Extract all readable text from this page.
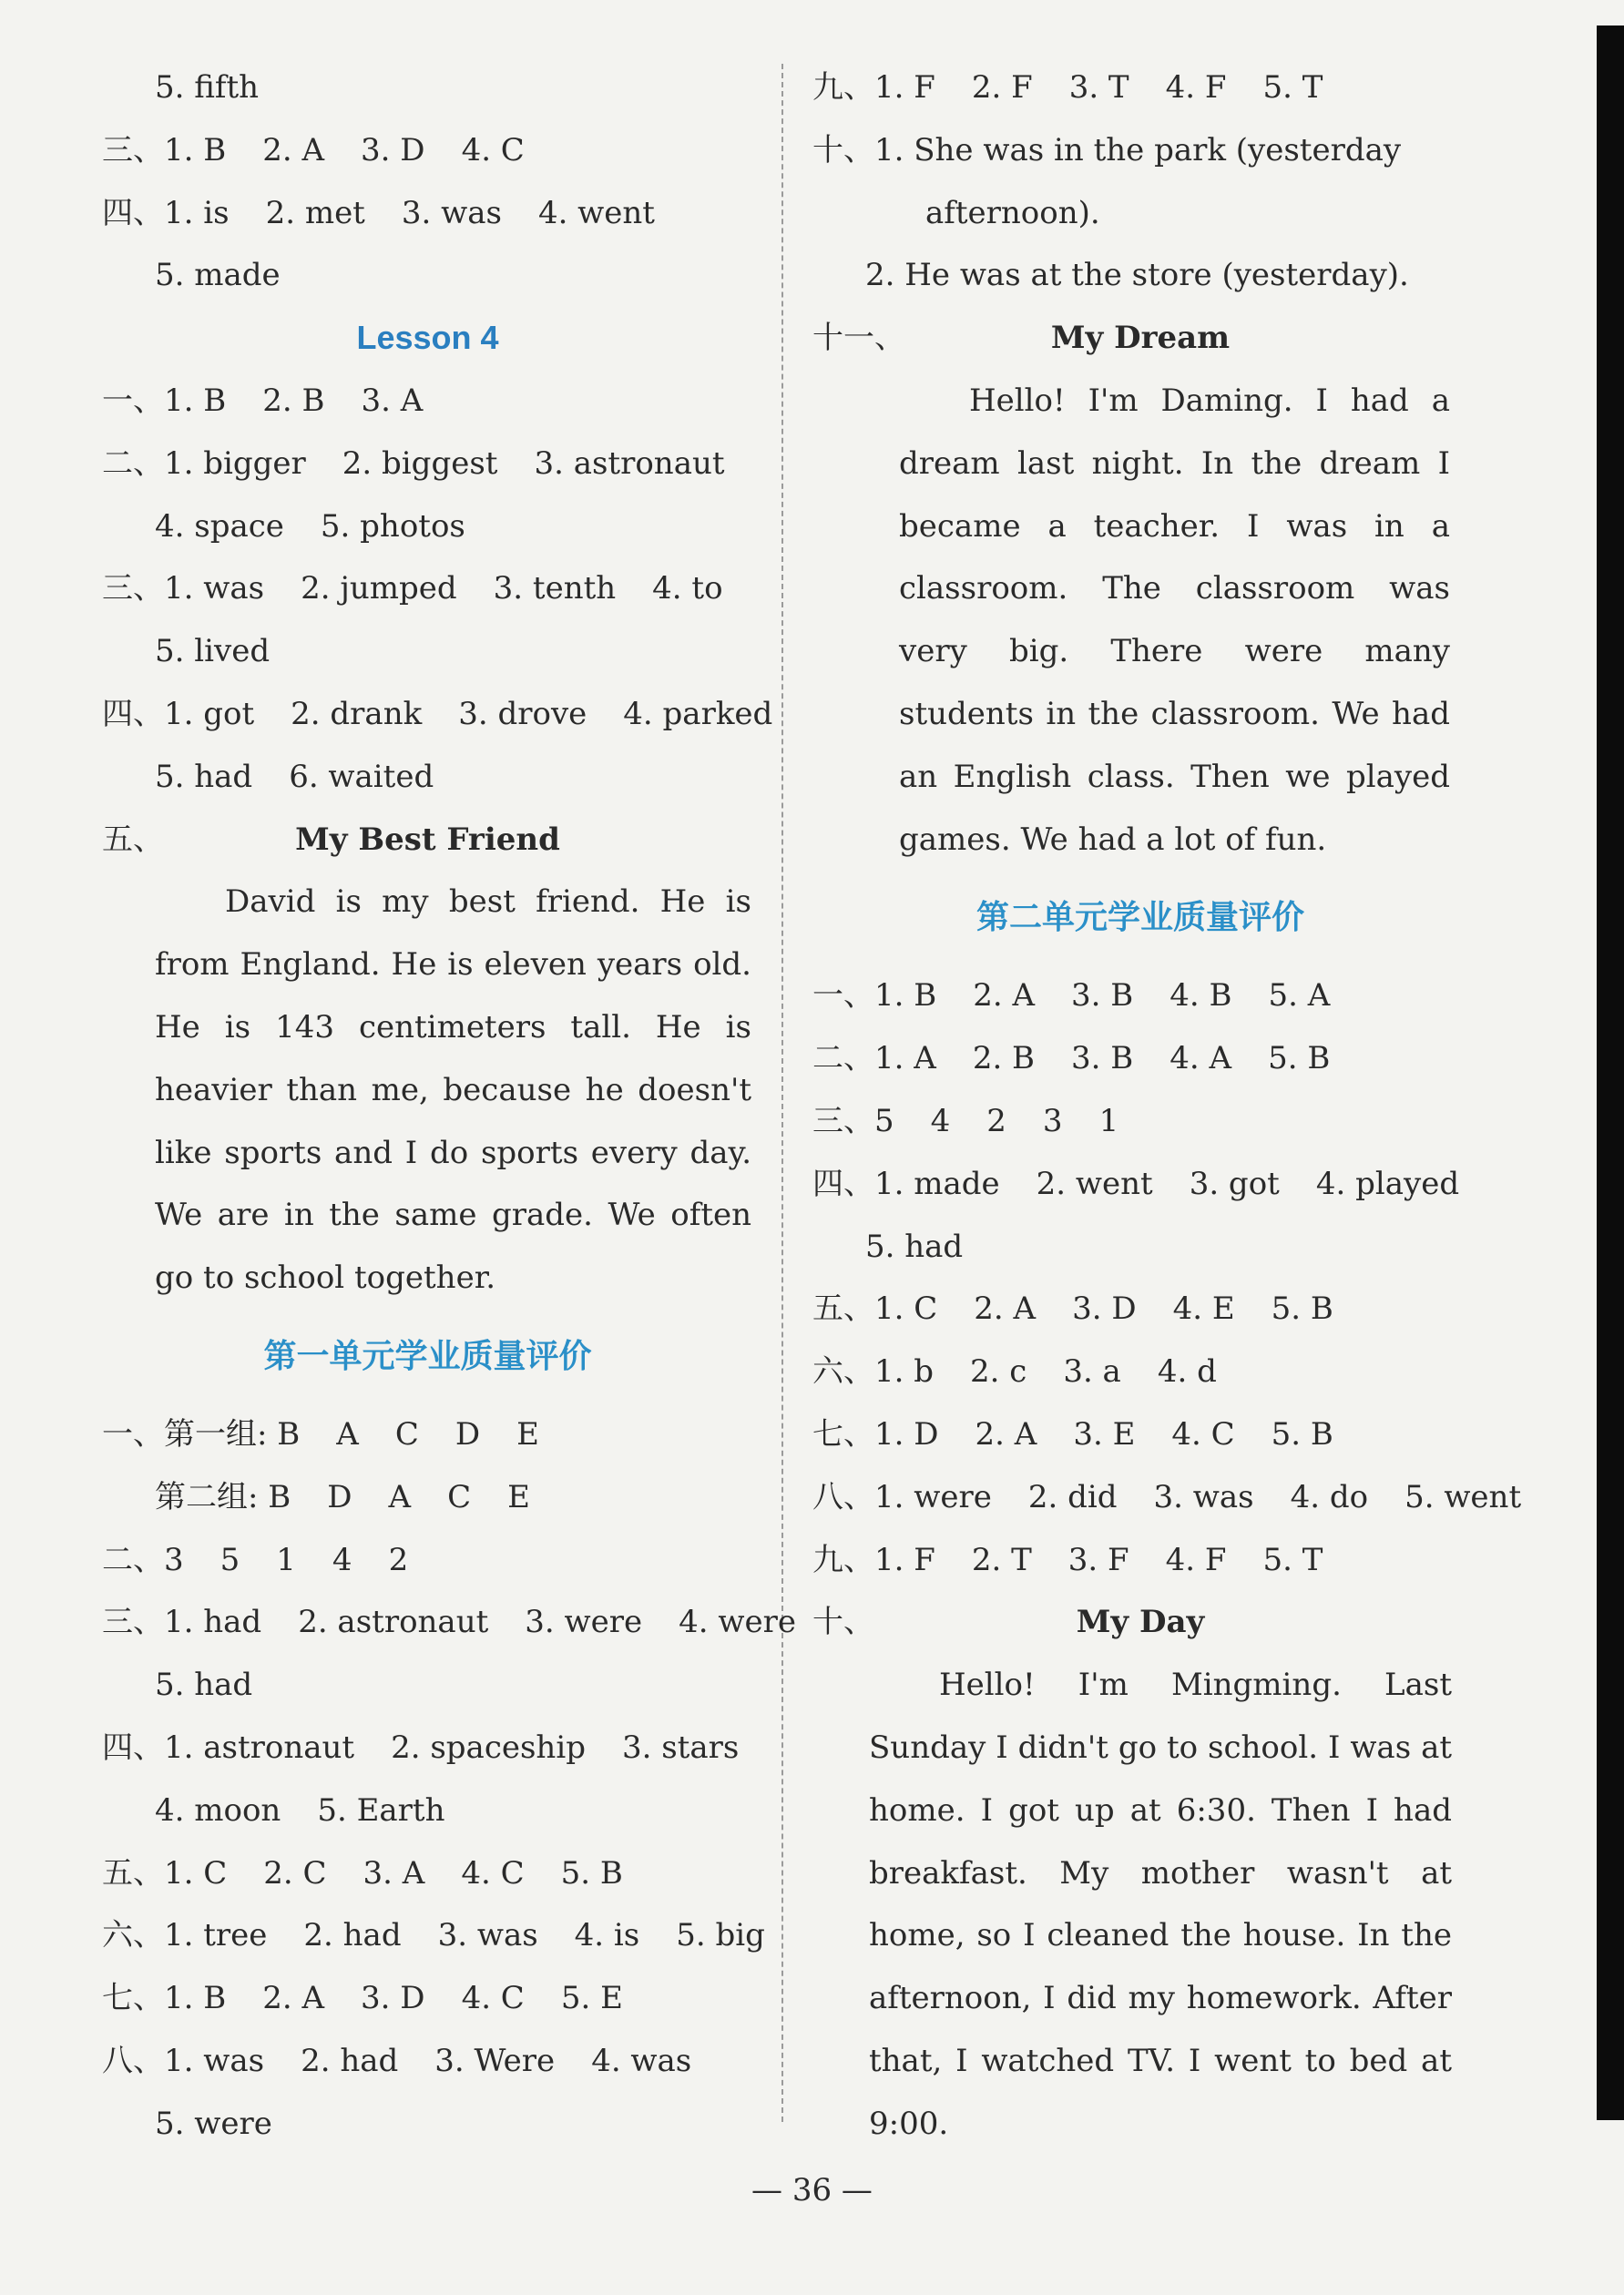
5. fifth
三、1. B 2. A 3. D 4. C
四、1. is 2. met 3. was 4. went
5. made
Lesson 4
一、1. B 2. B 3. A
二、1. bigger 2. biggest 3. astronaut
4. space 5. photos
三、1. was 2. jumped 3. tenth 4. to
5. lived
四、1. got 2. drank 3. drove 4. parked
5. had 6. waited
五、	My Best Friend
David is my best friend. He is from England. He is eleven years old. He is 143 centimeters tall. He is heavier than me, because he doesn't like sports and I do sports every day. We are in the same grade. We often go to school together.
第一单元学业质量评价
一、第一组: B A C D E
第二组: B D A C E
二、3 5 1 4 2
三、1. had 2. astronaut 3. were 4. were
5. had
四、1. astronaut 2. spaceship 3. stars
4. moon 5. Earth
五、1. C 2. C 3. A 4. C 5. B
六、1. tree 2. had 3. was 4. is 5. big
七、1. B 2. A 3. D 4. C 5. E
八、1. was 2. had 3. Were 4. was
5. were
九、1. F 2. F 3. T 4. F 5. T
十、1. She was in the park (yesterday
afternoon).
2. He was at the store (yesterday).
十一、	My Dream
Hello! I'm Daming. I had a dream last night. In the dream I became a teacher. I was in a classroom. The classroom was very big. There were many students in the classroom. We had an English class. Then we played games. We had a lot of fun.
第二单元学业质量评价
一、1. B 2. A 3. B 4. B 5. A
二、1. A 2. B 3. B 4. A 5. B
三、5 4 2 3 1
四、1. made 2. went 3. got 4. played
5. had
五、1. C 2. A 3. D 4. E 5. B
六、1. b 2. c 3. a 4. d
七、1. D 2. A 3. E 4. C 5. B
八、1. were 2. did 3. was 4. do 5. went
九、1. F 2. T 3. F 4. F 5. T
十、	My Day
Hello! I'm Mingming. Last Sunday I didn't go to school. I was at home. I got up at 6:30. Then I had breakfast. My mother wasn't at home, so I cleaned the house. In the afternoon, I did my homework. After that, I watched TV. I went to bed at 9:00.
— 36 —
